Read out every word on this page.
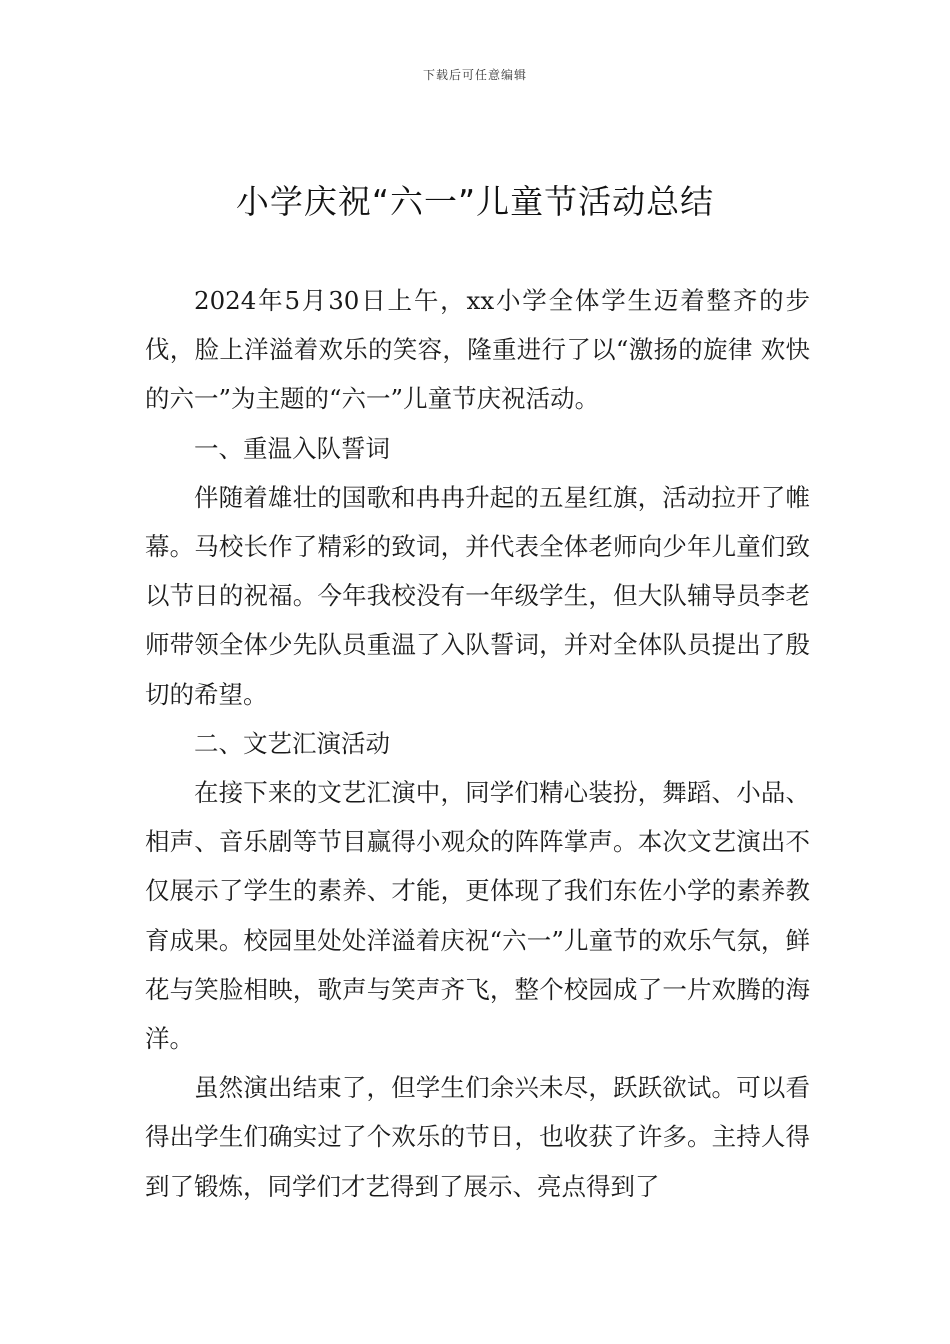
下载后可任意编辑
小学庆祝“六一”儿童节活动总结

2024年5月30日上午，xx小学全体学生迈着整齐的步伐，脸上洋溢着欢乐的笑容，隆重进行了以“激扬的旋律 欢快的六一”为主题的“六一”儿童节庆祝活动。

一、重温入队誓词

伴随着雄壮的国歌和冉冉升起的五星红旗，活动拉开了帷幕。马校长作了精彩的致词，并代表全体老师向少年儿童们致以节日的祝福。今年我校没有一年级学生，但大队辅导员李老师带领全体少先队员重温了入队誓词，并对全体队员提出了殷切的希望。

二、文艺汇演活动

在接下来的文艺汇演中，同学们精心装扮，舞蹈、小品、相声、音乐剧等节目赢得小观众的阵阵掌声。本次文艺演出不仅展示了学生的素养、才能，更体现了我们东佐小学的素养教育成果。校园里处处洋溢着庆祝“六一”儿童节的欢乐气氛，鲜花与笑脸相映，歌声与笑声齐飞，整个校园成了一片欢腾的海洋。

虽然演出结束了，但学生们余兴未尽，跃跃欲试。可以看得出学生们确实过了个欢乐的节日，也收获了许多。主持人得到了锻炼，同学们才艺得到了展示、亮点得到了
